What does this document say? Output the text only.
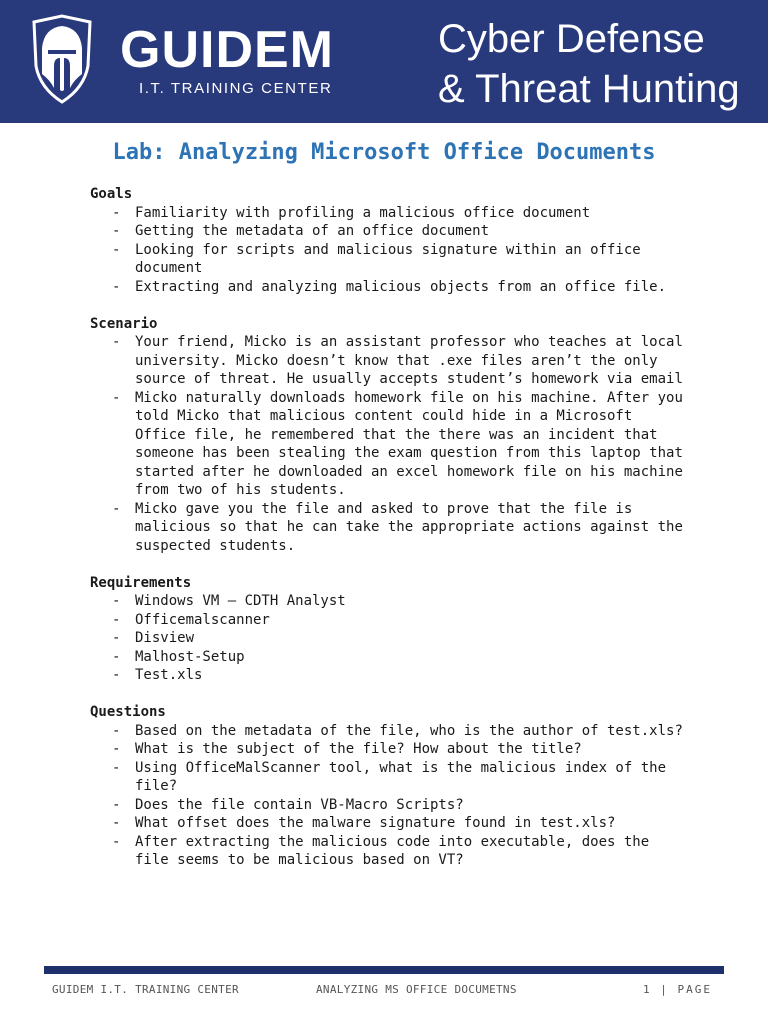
GUIDEM
I.T. TRAINING CENTER
Cyber Defense
& Threat Hunting
Lab: Analyzing Microsoft Office Documents
Goals
- Familiarity with profiling a malicious office document
- Getting the metadata of an office document
- Looking for scripts and malicious signature within an office document
- Extracting and analyzing malicious objects from an office file.
Scenario
- Your friend, Micko is an assistant professor who teaches at local university. Micko doesn’t know that .exe files aren’t the only source of threat. He usually accepts student’s homework via email
- Micko naturally downloads homework file on his machine. After you told Micko that malicious content could hide in a Microsoft Office file, he remembered that the there was an incident that someone has been stealing the exam question from this laptop that started after he downloaded an excel homework file on his machine from two of his students.
- Micko gave you the file and asked to prove that the file is malicious so that he can take the appropriate actions against the suspected students.
Requirements
- Windows VM – CDTH Analyst
- Officemalscanner
- Disview
- Malhost-Setup
- Test.xls
Questions
- Based on the metadata of the file, who is the author of test.xls?
- What is the subject of the file? How about the title?
- Using OfficeMalScanner tool, what is the malicious index of the file?
- Does the file contain VB-Macro Scripts?
- What offset does the malware signature found in test.xls?
- After extracting the malicious code into executable, does the file seems to be malicious based on VT?
GUIDEM I.T. TRAINING CENTER	ANALYZING MS OFFICE DOCUMETNS	1 | PAGE
